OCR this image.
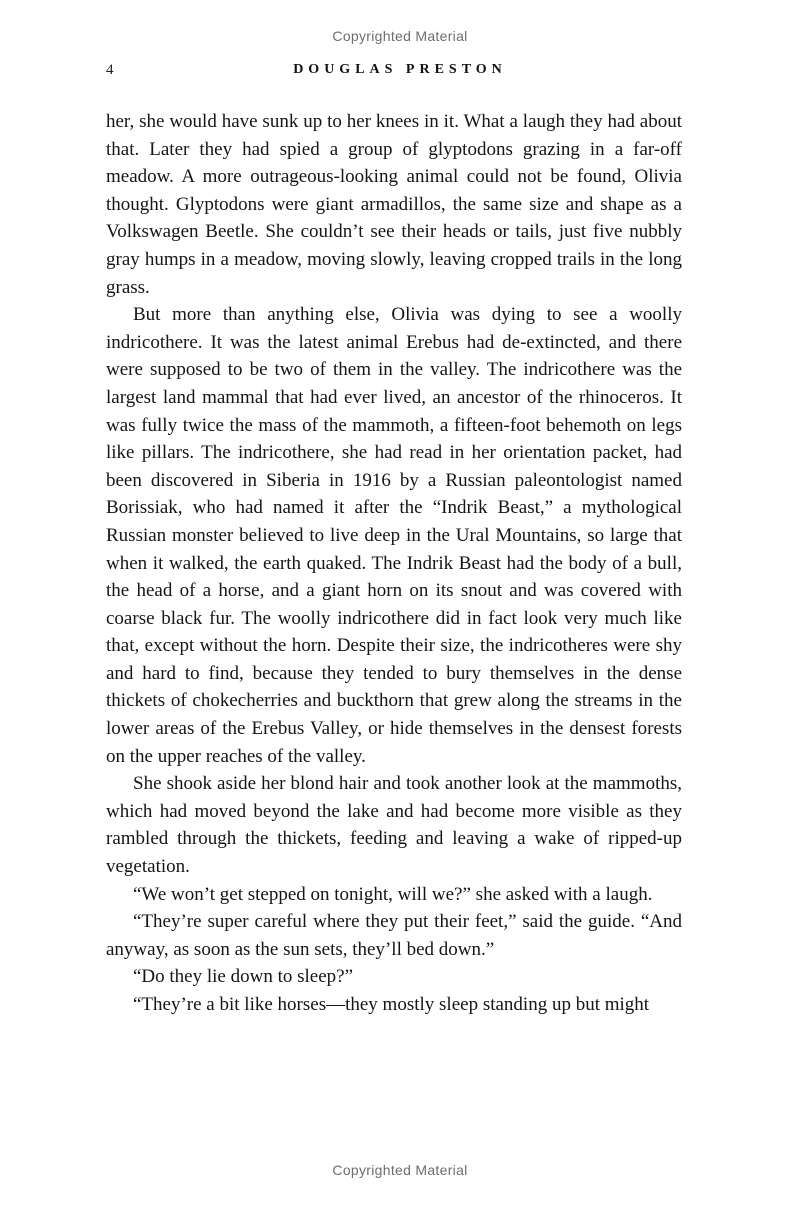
Copyrighted Material
4	DOUGLAS PRESTON

her, she would have sunk up to her knees in it. What a laugh they had about that. Later they had spied a group of glyptodons grazing in a far-off meadow. A more outrageous-looking animal could not be found, Olivia thought. Glyptodons were giant armadillos, the same size and shape as a Volkswagen Beetle. She couldn’t see their heads or tails, just five nubbly gray humps in a meadow, moving slowly, leaving cropped trails in the long grass.

But more than anything else, Olivia was dying to see a woolly indricothere. It was the latest animal Erebus had de-extincted, and there were supposed to be two of them in the valley. The indricothere was the largest land mammal that had ever lived, an ancestor of the rhinoceros. It was fully twice the mass of the mammoth, a fifteen-foot behemoth on legs like pillars. The indricothere, she had read in her orientation packet, had been discovered in Siberia in 1916 by a Russian paleontologist named Borissiak, who had named it after the “Indrik Beast,” a mythological Russian monster believed to live deep in the Ural Mountains, so large that when it walked, the earth quaked. The Indrik Beast had the body of a bull, the head of a horse, and a giant horn on its snout and was covered with coarse black fur. The woolly indricothere did in fact look very much like that, except without the horn. Despite their size, the indricotheres were shy and hard to find, because they tended to bury themselves in the dense thickets of chokecherries and buckthorn that grew along the streams in the lower areas of the Erebus Valley, or hide themselves in the densest forests on the upper reaches of the valley.

She shook aside her blond hair and took another look at the mammoths, which had moved beyond the lake and had become more visible as they rambled through the thickets, feeding and leaving a wake of ripped-up vegetation.

“We won’t get stepped on tonight, will we?” she asked with a laugh.

“They’re super careful where they put their feet,” said the guide. “And anyway, as soon as the sun sets, they’ll bed down.”

“Do they lie down to sleep?”

“They’re a bit like horses—they mostly sleep standing up but might

Copyrighted Material
